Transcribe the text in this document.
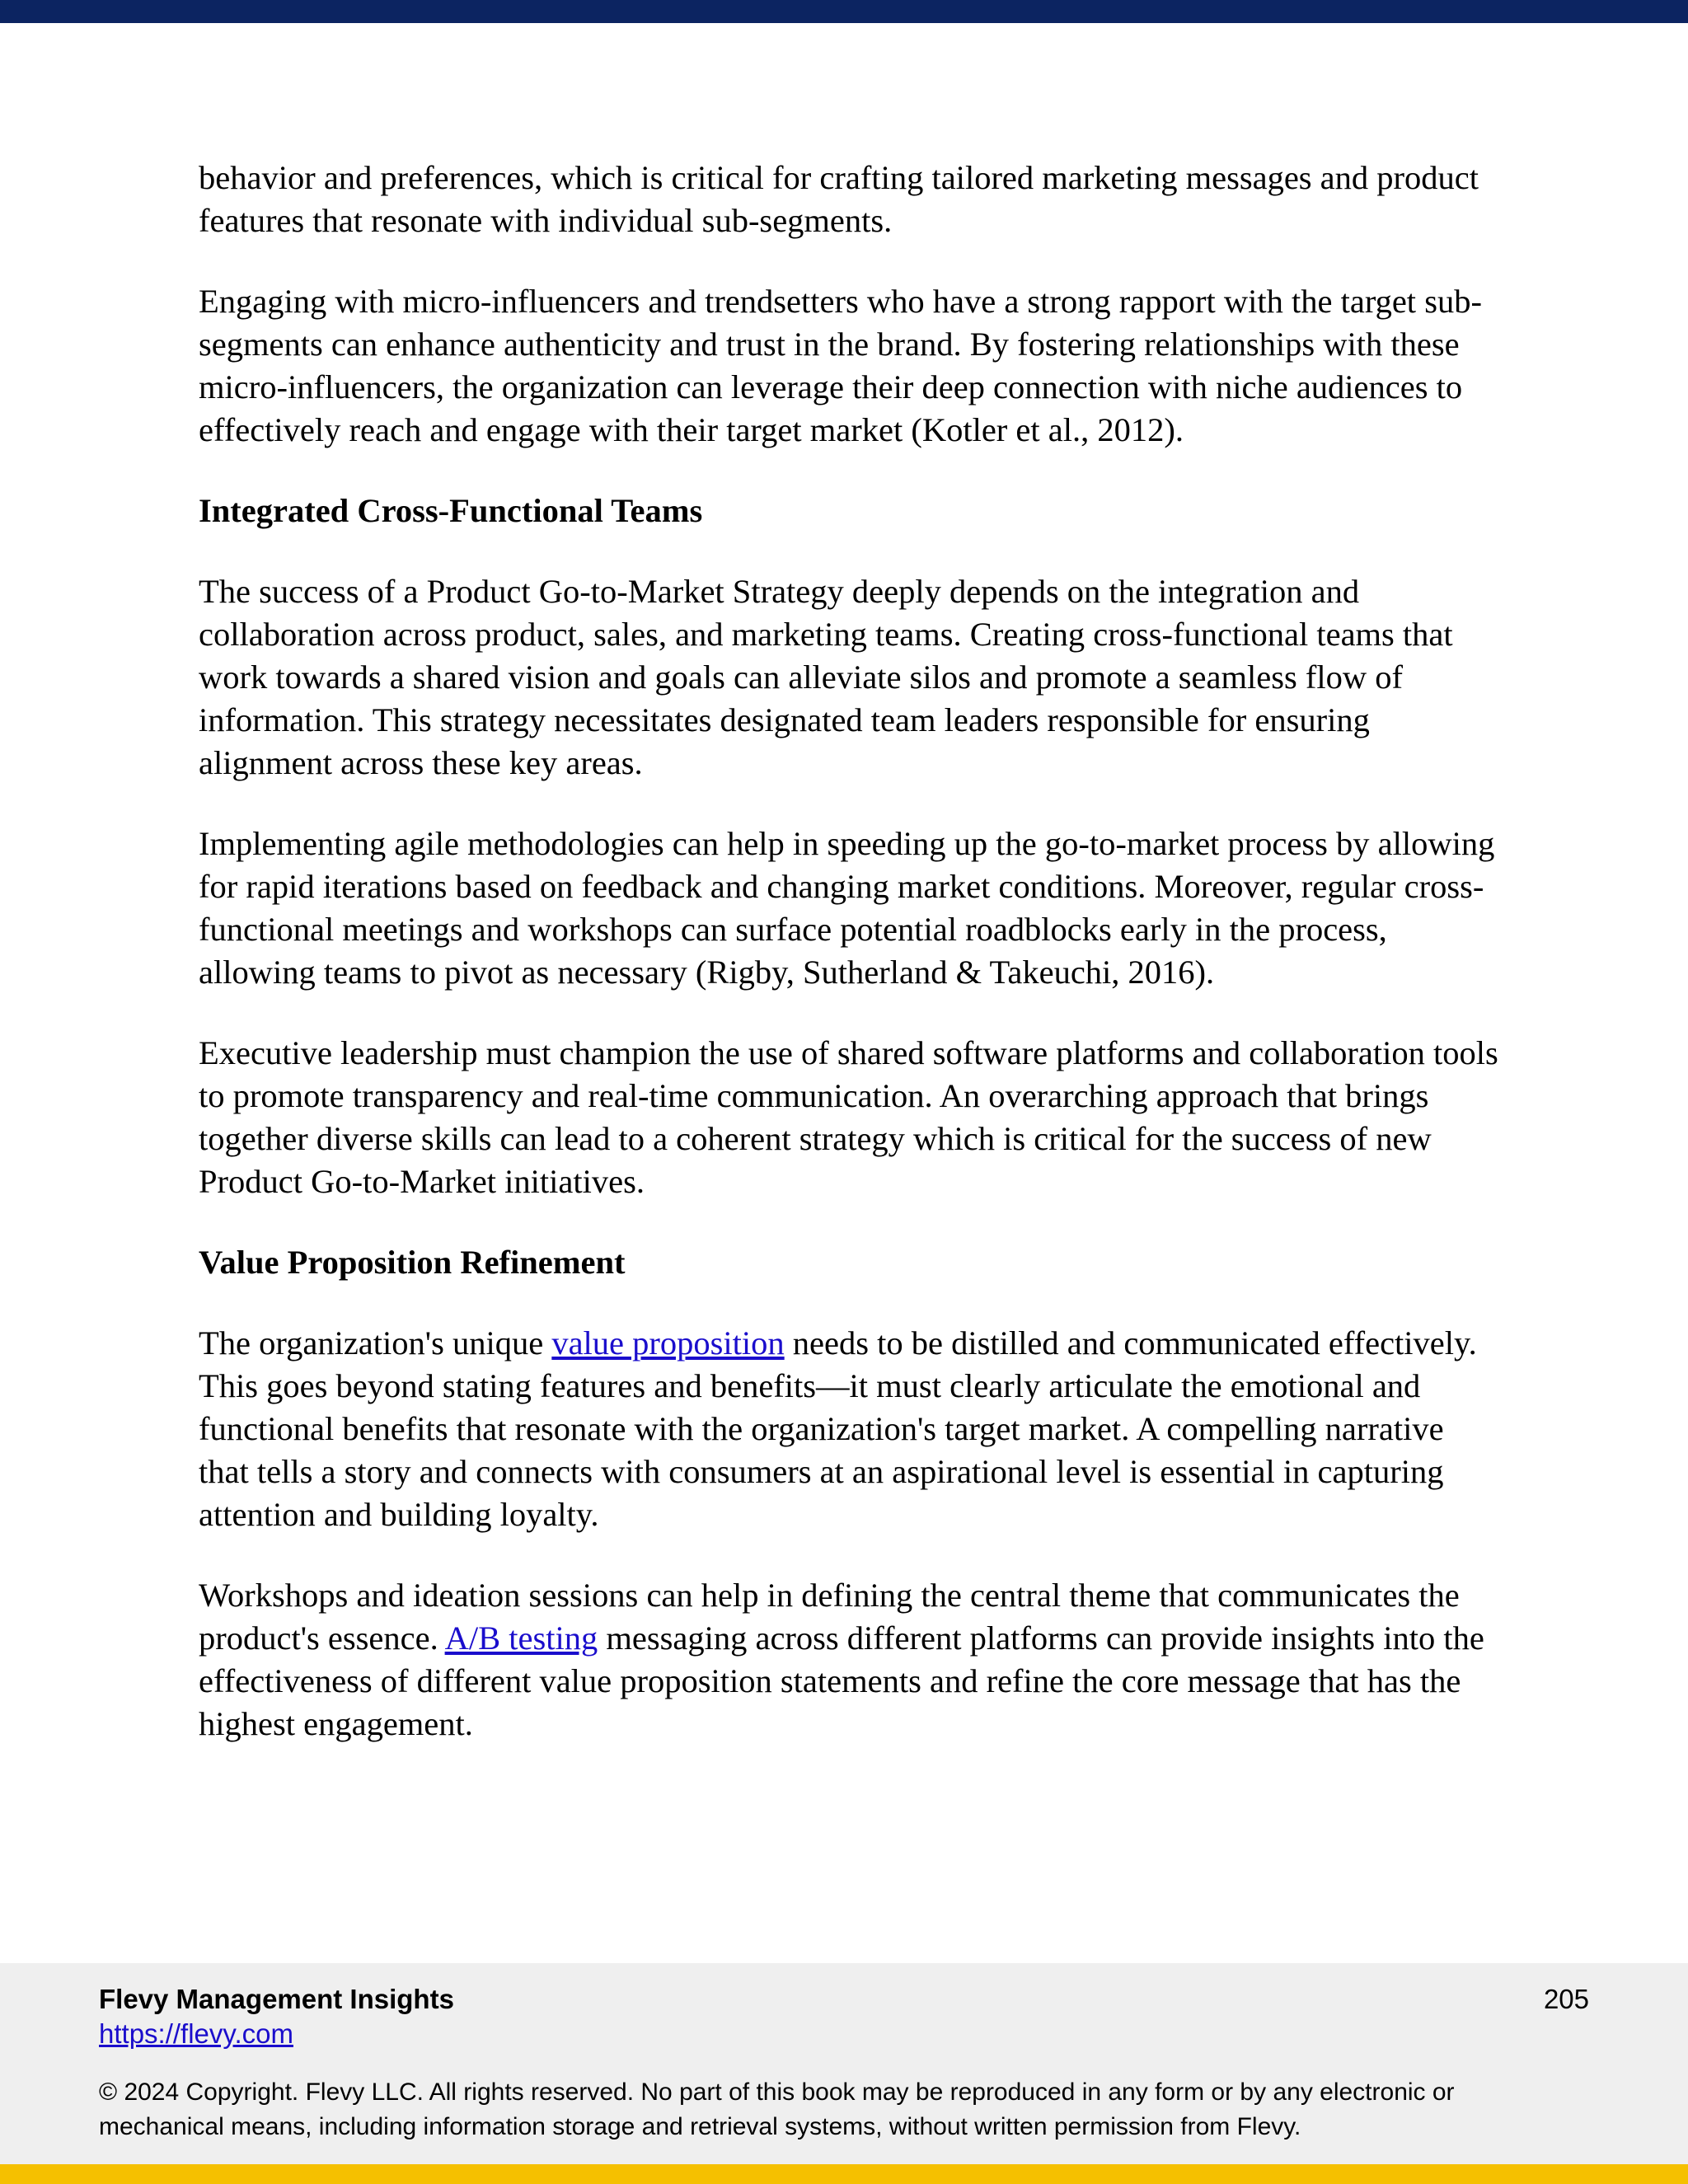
behavior and preferences, which is critical for crafting tailored marketing messages and product features that resonate with individual sub-segments.

Engaging with micro-influencers and trendsetters who have a strong rapport with the target sub-segments can enhance authenticity and trust in the brand. By fostering relationships with these micro-influencers, the organization can leverage their deep connection with niche audiences to effectively reach and engage with their target market (Kotler et al., 2012).

Integrated Cross-Functional Teams

The success of a Product Go-to-Market Strategy deeply depends on the integration and collaboration across product, sales, and marketing teams. Creating cross-functional teams that work towards a shared vision and goals can alleviate silos and promote a seamless flow of information. This strategy necessitates designated team leaders responsible for ensuring alignment across these key areas.

Implementing agile methodologies can help in speeding up the go-to-market process by allowing for rapid iterations based on feedback and changing market conditions. Moreover, regular cross-functional meetings and workshops can surface potential roadblocks early in the process, allowing teams to pivot as necessary (Rigby, Sutherland & Takeuchi, 2016).

Executive leadership must champion the use of shared software platforms and collaboration tools to promote transparency and real-time communication. An overarching approach that brings together diverse skills can lead to a coherent strategy which is critical for the success of new Product Go-to-Market initiatives.

Value Proposition Refinement

The organization's unique value proposition needs to be distilled and communicated effectively. This goes beyond stating features and benefits—it must clearly articulate the emotional and functional benefits that resonate with the organization's target market. A compelling narrative that tells a story and connects with consumers at an aspirational level is essential in capturing attention and building loyalty.

Workshops and ideation sessions can help in defining the central theme that communicates the product's essence. A/B testing messaging across different platforms can provide insights into the effectiveness of different value proposition statements and refine the core message that has the highest engagement.

Flevy Management Insights
https://flevy.com
205
© 2024 Copyright. Flevy LLC. All rights reserved. No part of this book may be reproduced in any form or by any electronic or mechanical means, including information storage and retrieval systems, without written permission from Flevy.
